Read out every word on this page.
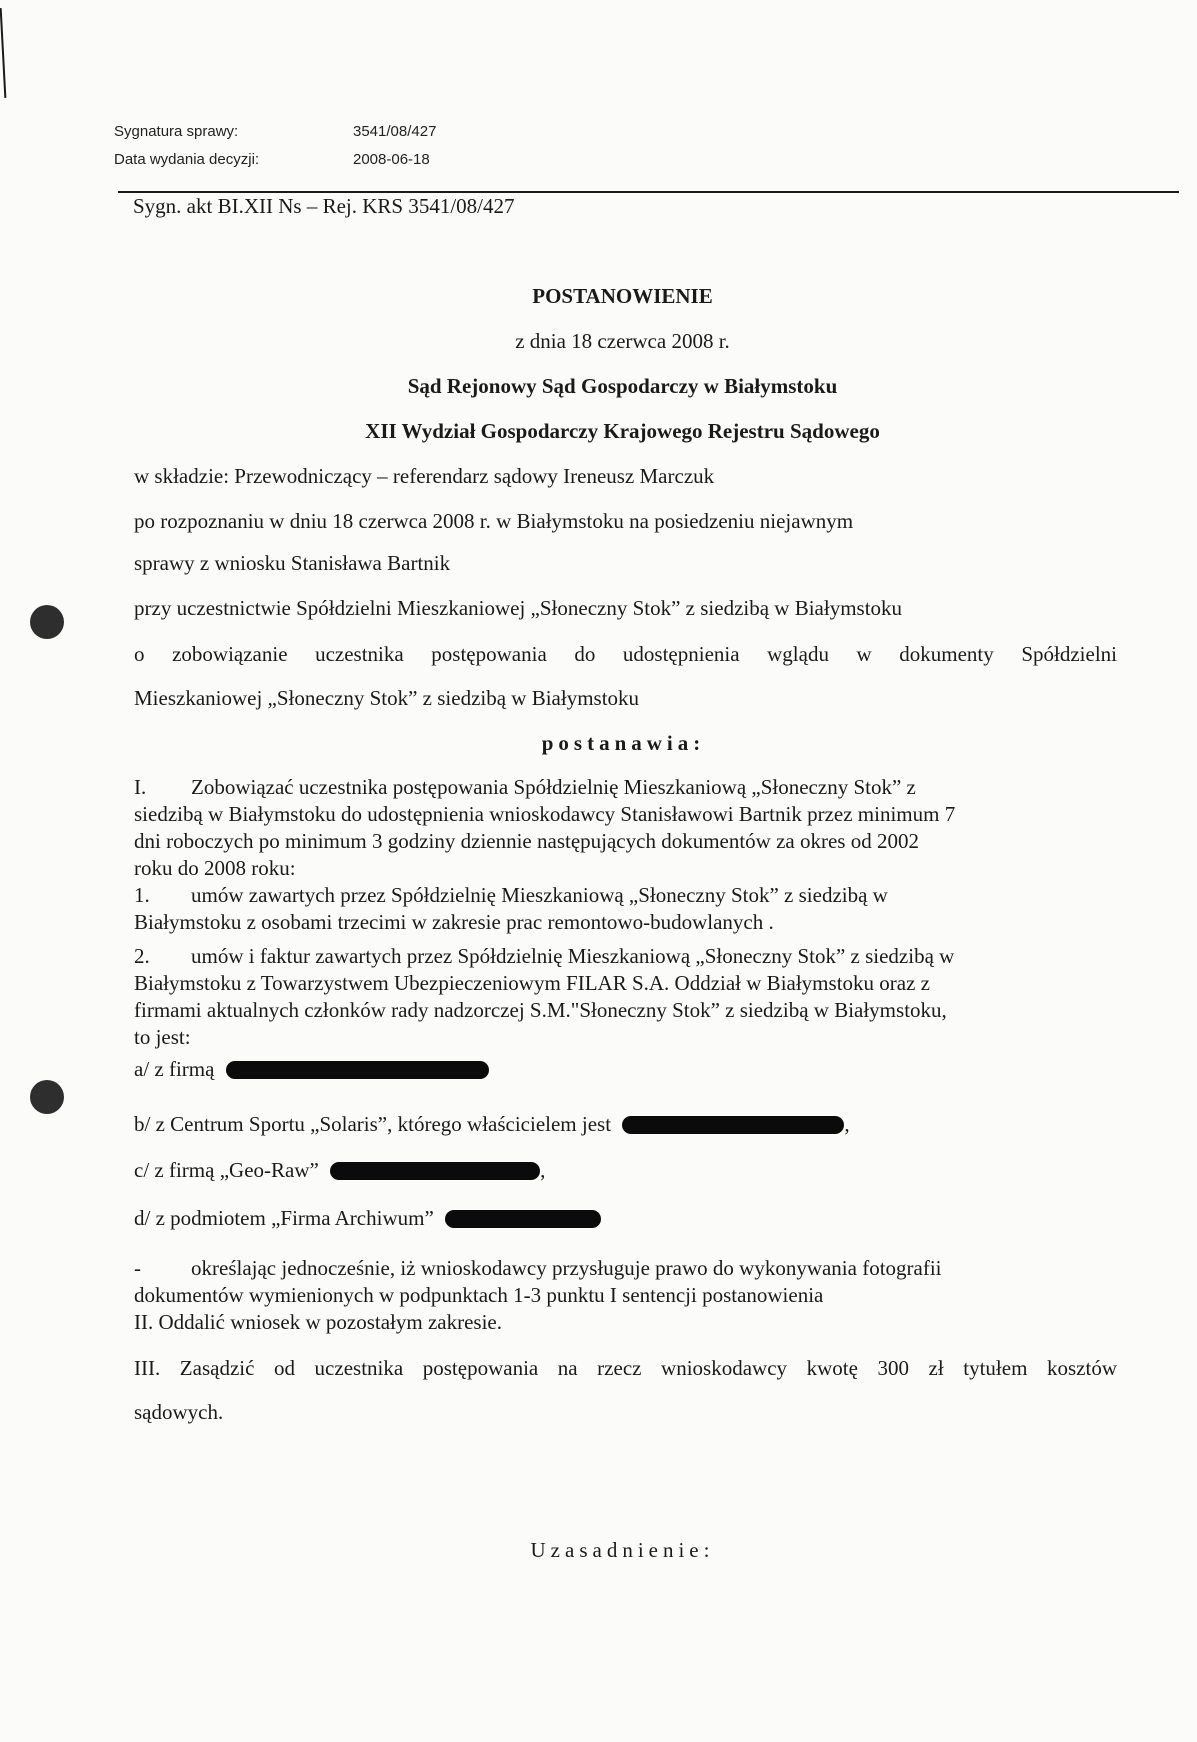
Sygnatura sprawy:	3541/08/427
Data wydania decyzji:	2008-06-18
Sygn. akt BI.XII Ns – Rej. KRS 3541/08/427
POSTANOWIENIE
z dnia 18 czerwca 2008 r.
Sąd Rejonowy Sąd Gospodarczy w Białymstoku
XII Wydział Gospodarczy Krajowego Rejestru Sądowego
w składzie: Przewodniczący – referendarz sądowy Ireneusz Marczuk
po rozpoznaniu w dniu 18 czerwca 2008 r. w Białymstoku na posiedzeniu niejawnym
sprawy z wniosku Stanisława Bartnik
przy uczestnictwie Spółdzielni Mieszkaniowej „Słoneczny Stok” z siedzibą w Białymstoku
o zobowiązanie uczestnika postępowania do udostępnienia wglądu w dokumenty Spółdzielni
Mieszkaniowej „Słoneczny Stok” z siedzibą w Białymstoku
postanawia:
I. Zobowiązać uczestnika postępowania Spółdzielnię Mieszkaniową „Słoneczny Stok” z
siedzibą w Białymstoku do udostępnienia wnioskodawcy Stanisławowi Bartnik przez minimum 7
dni roboczych po minimum 3 godziny dziennie następujących dokumentów za okres od 2002
roku do 2008 roku:
1. umów zawartych przez Spółdzielnię Mieszkaniową „Słoneczny Stok” z siedzibą w
Białymstoku z osobami trzecimi w zakresie prac remontowo-budowlanych .
2. umów i faktur zawartych przez Spółdzielnię Mieszkaniową „Słoneczny Stok” z siedzibą w
Białymstoku z Towarzystwem Ubezpieczeniowym FILAR S.A. Oddział w Białymstoku oraz z
firmami aktualnych członków rady nadzorczej S.M."Słoneczny Stok” z siedzibą w Białymstoku,
to jest:
a/ z firmą
b/ z Centrum Sportu „Solaris”, którego właścicielem jest	,
c/ z firmą „Geo-Raw”	,
d/ z podmiotem „Firma Archiwum”
- określając jednocześnie, iż wnioskodawcy przysługuje prawo do wykonywania fotografii
dokumentów wymienionych w podpunktach 1-3 punktu I sentencji postanowienia
II. Oddalić wniosek w pozostałym zakresie.
III. Zasądzić od uczestnika postępowania na rzecz wnioskodawcy kwotę 300 zł tytułem kosztów
sądowych.
Uzasadnienie:
